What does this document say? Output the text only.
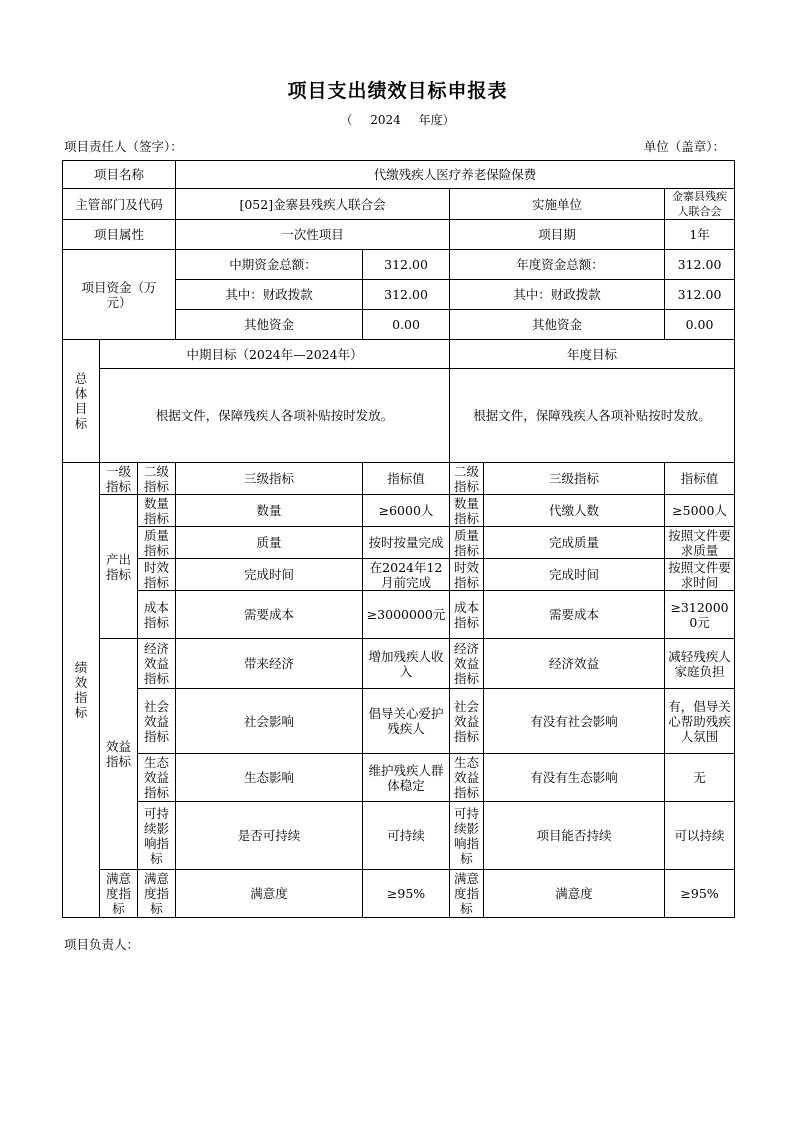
项目支出绩效目标申报表
（ 2024 年度）
项目责任人（签字）：	单位（盖章）：
项目名称			代缴残疾人医疗养老保险保费				
主管部门及代码			[052]金寨县残疾人联合会		实施单位		金寨县残疾人联合会
项目属性			一次性项目		项目期		1年
项目资金（万元）			中期资金总额：	312.00	年度资金总额：		312.00
			其中：财政拨款	312.00	其中：财政拨款		312.00
			其他资金	0.00	其他资金		0.00
总体目标	中期目标（2024年—2024年）				年度目标		
	根据文件，保障残疾人各项补贴按时发放。				根据文件，保障残疾人各项补贴按时发放。		
绩效指标	一级指标	二级指标	三级指标	指标值	二级指标	三级指标	指标值
	产出指标	数量指标	数量	≥6000人	数量指标	代缴人数	≥5000人
		质量指标	质量	按时按量完成	质量指标	完成质量	按照文件要求质量
		时效指标	完成时间	在2024年12月前完成	时效指标	完成时间	按照文件要求时间
		成本指标	需要成本	≥3000000元	成本指标	需要成本	≥3120000元
	效益指标	经济效益指标	带来经济	增加残疾人收入	经济效益指标	经济效益	减轻残疾人家庭负担
		社会效益指标	社会影响	倡导关心爱护残疾人	社会效益指标	有没有社会影响	有，倡导关心帮助残疾人氛围
		生态效益指标	生态影响	维护残疾人群体稳定	生态效益指标	有没有生态影响	无
		可持续影响指标	是否可持续	可持续	可持续影响指标	项目能否持续	可以持续
	满意度指标	满意度指标	满意度	≥95%	满意度指标	满意度	≥95%
项目负责人：
